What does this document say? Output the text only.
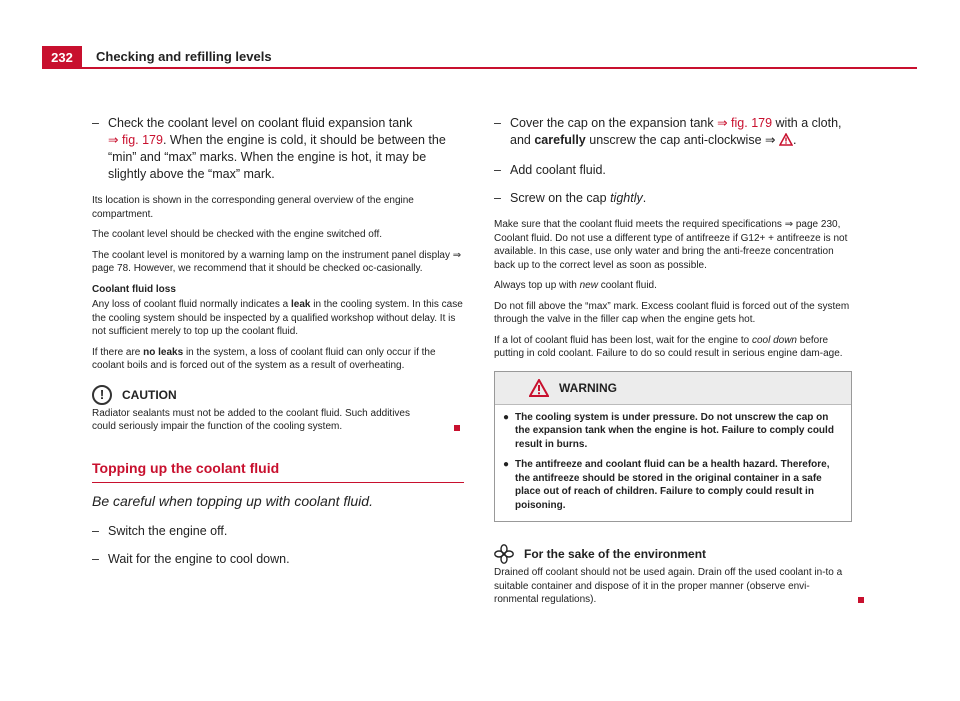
232	Checking and refilling levels
– Check the coolant level on coolant fluid expansion tank
⇒ fig. 179. When the engine is cold, it should be between the “min” and “max” marks. When the engine is hot, it may be slightly above the “max” mark.

Its location is shown in the corresponding general overview of the engine compartment.

The coolant level should be checked with the engine switched off.

The coolant level is monitored by a warning lamp on the instrument panel display ⇒ page 78. However, we recommend that it should be checked oc-casionally.

Coolant fluid loss

Any loss of coolant fluid normally indicates a leak in the cooling system. In this case the cooling system should be inspected by a qualified workshop without delay. It is not sufficient merely to top up the coolant fluid.

If there are no leaks in the system, a loss of coolant fluid can only occur if the coolant boils and is forced out of the system as a result of overheating.

!	CAUTION

Radiator sealants must not be added to the coolant fluid. Such additives could seriously impair the function of the cooling system.

Topping up the coolant fluid
Be careful when topping up with coolant fluid.
– Switch the engine off.
– Wait for the engine to cool down.
– Cover the cap on the expansion tank ⇒ fig. 179 with a cloth, and carefully unscrew the cap anti-clockwise ⇒ .
– Add coolant fluid.
– Screw on the cap tightly.

Make sure that the coolant fluid meets the required specifications ⇒ page 230, Coolant fluid. Do not use a different type of antifreeze if G12+ + antifreeze is not available. In this case, use only water and bring the anti-freeze concentration back up to the correct level as soon as possible.

Always top up with new coolant fluid.

Do not fill above the “max” mark. Excess coolant fluid is forced out of the system through the valve in the filler cap when the engine gets hot.

If a lot of coolant fluid has been lost, wait for the engine to cool down before putting in cold coolant. Failure to do so could result in serious engine dam-age.

WARNING
● The cooling system is under pressure. Do not unscrew the cap on the expansion tank when the engine is hot. Failure to comply could result in burns.
● The antifreeze and coolant fluid can be a health hazard. Therefore, the antifreeze should be stored in the original container in a safe place out of reach of children. Failure to comply could result in poisoning.
For the sake of the environment

Drained off coolant should not be used again. Drain off the used coolant in-to a suitable container and dispose of it in the proper manner (observe envi-ronmental regulations).
